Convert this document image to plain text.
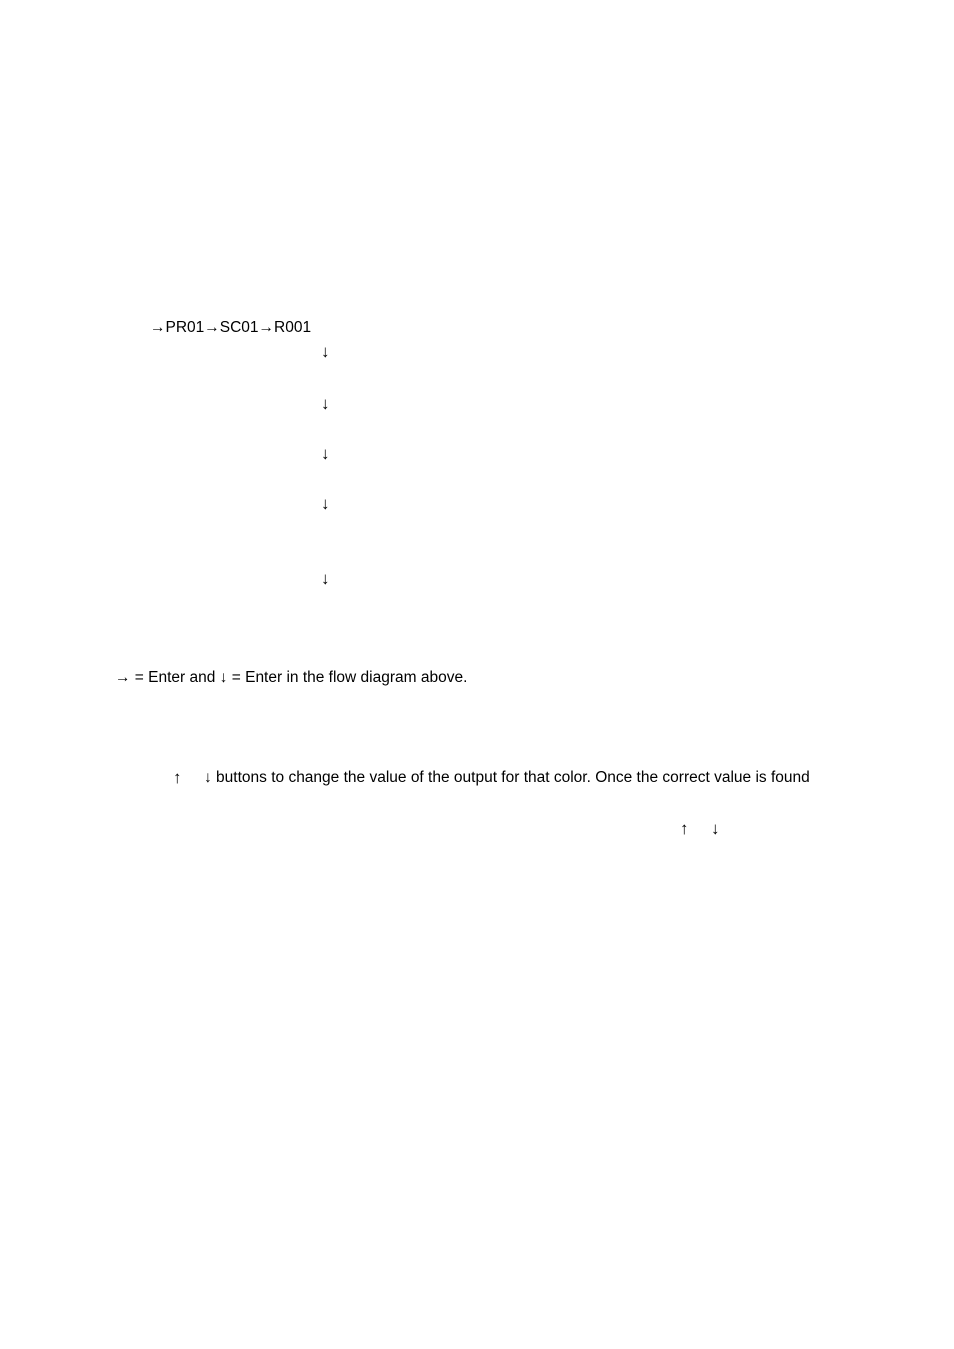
→PR01→SC01→R001
↓
↓
↓
↓
↓
→ = Enter and ↓ = Enter in the flow diagram above.
↑ ↓ buttons to change the value of the output for that color. Once the correct value is found
↑ ↓
